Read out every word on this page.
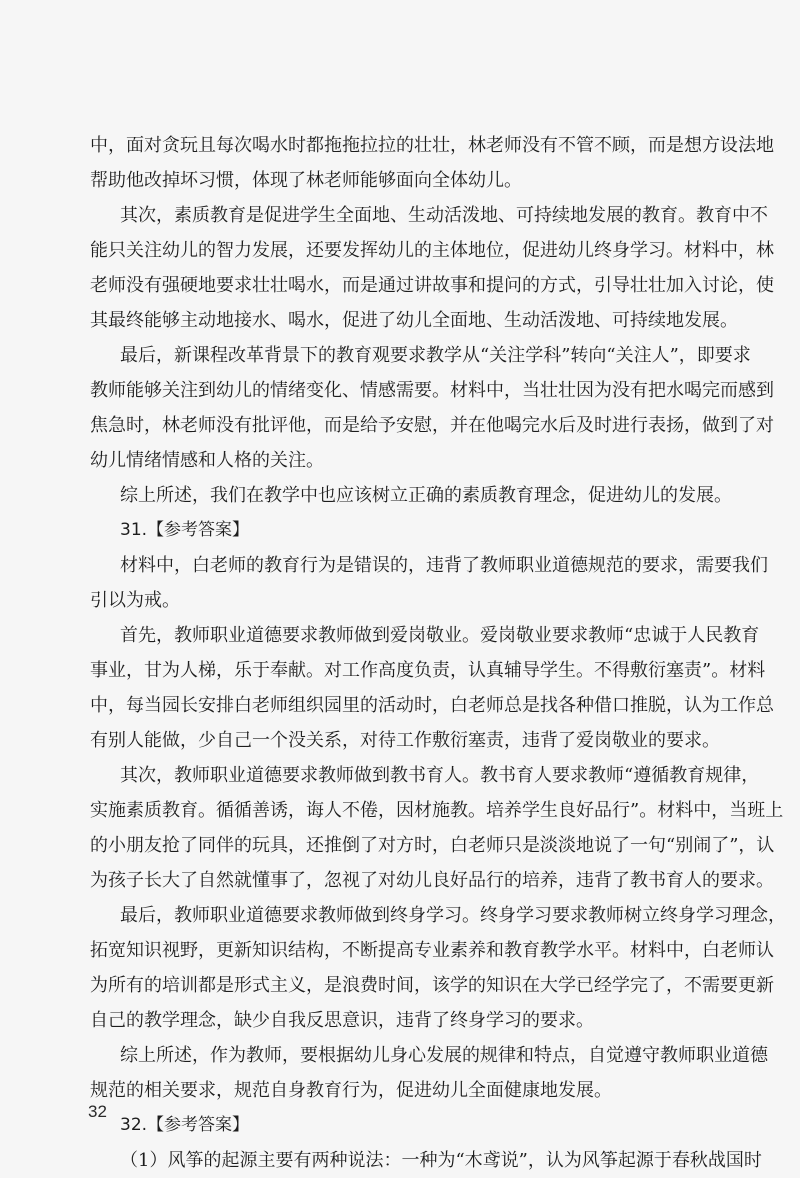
中，面对贪玩且每次喝水时都拖拖拉拉的壮壮，林老师没有不管不顾，而是想方设法地
帮助他改掉坏习惯，体现了林老师能够面向全体幼儿。
其次，素质教育是促进学生全面地、生动活泼地、可持续地发展的教育。教育中不
能只关注幼儿的智力发展，还要发挥幼儿的主体地位，促进幼儿终身学习。材料中，林
老师没有强硬地要求壮壮喝水，而是通过讲故事和提问的方式，引导壮壮加入讨论，使
其最终能够主动地接水、喝水，促进了幼儿全面地、生动活泼地、可持续地发展。
最后，新课程改革背景下的教育观要求教学从“关注学科”转向“关注人”，即要求
教师能够关注到幼儿的情绪变化、情感需要。材料中，当壮壮因为没有把水喝完而感到
焦急时，林老师没有批评他，而是给予安慰，并在他喝完水后及时进行表扬，做到了对
幼儿情绪情感和人格的关注。
综上所述，我们在教学中也应该树立正确的素质教育理念，促进幼儿的发展。
31.【参考答案】
材料中，白老师的教育行为是错误的，违背了教师职业道德规范的要求，需要我们
引以为戒。
首先，教师职业道德要求教师做到爱岗敬业。爱岗敬业要求教师“忠诚于人民教育
事业，甘为人梯，乐于奉献。对工作高度负责，认真辅导学生。不得敷衍塞责”。材料
中，每当园长安排白老师组织园里的活动时，白老师总是找各种借口推脱，认为工作总
有别人能做，少自己一个没关系，对待工作敷衍塞责，违背了爱岗敬业的要求。
其次，教师职业道德要求教师做到教书育人。教书育人要求教师“遵循教育规律，
实施素质教育。循循善诱，诲人不倦，因材施教。培养学生良好品行”。材料中，当班上
的小朋友抢了同伴的玩具，还推倒了对方时，白老师只是淡淡地说了一句“别闹了”，认
为孩子长大了自然就懂事了，忽视了对幼儿良好品行的培养，违背了教书育人的要求。
最后，教师职业道德要求教师做到终身学习。终身学习要求教师树立终身学习理念，
拓宽知识视野，更新知识结构，不断提高专业素养和教育教学水平。材料中，白老师认
为所有的培训都是形式主义，是浪费时间，该学的知识在大学已经学完了，不需要更新
自己的教学理念，缺少自我反思意识，违背了终身学习的要求。
综上所述，作为教师，要根据幼儿身心发展的规律和特点，自觉遵守教师职业道德
规范的相关要求，规范自身教育行为，促进幼儿全面健康地发展。
32.【参考答案】
（1）风筝的起源主要有两种说法：一种为“木鸢说”，认为风筝起源于春秋战国时
32
